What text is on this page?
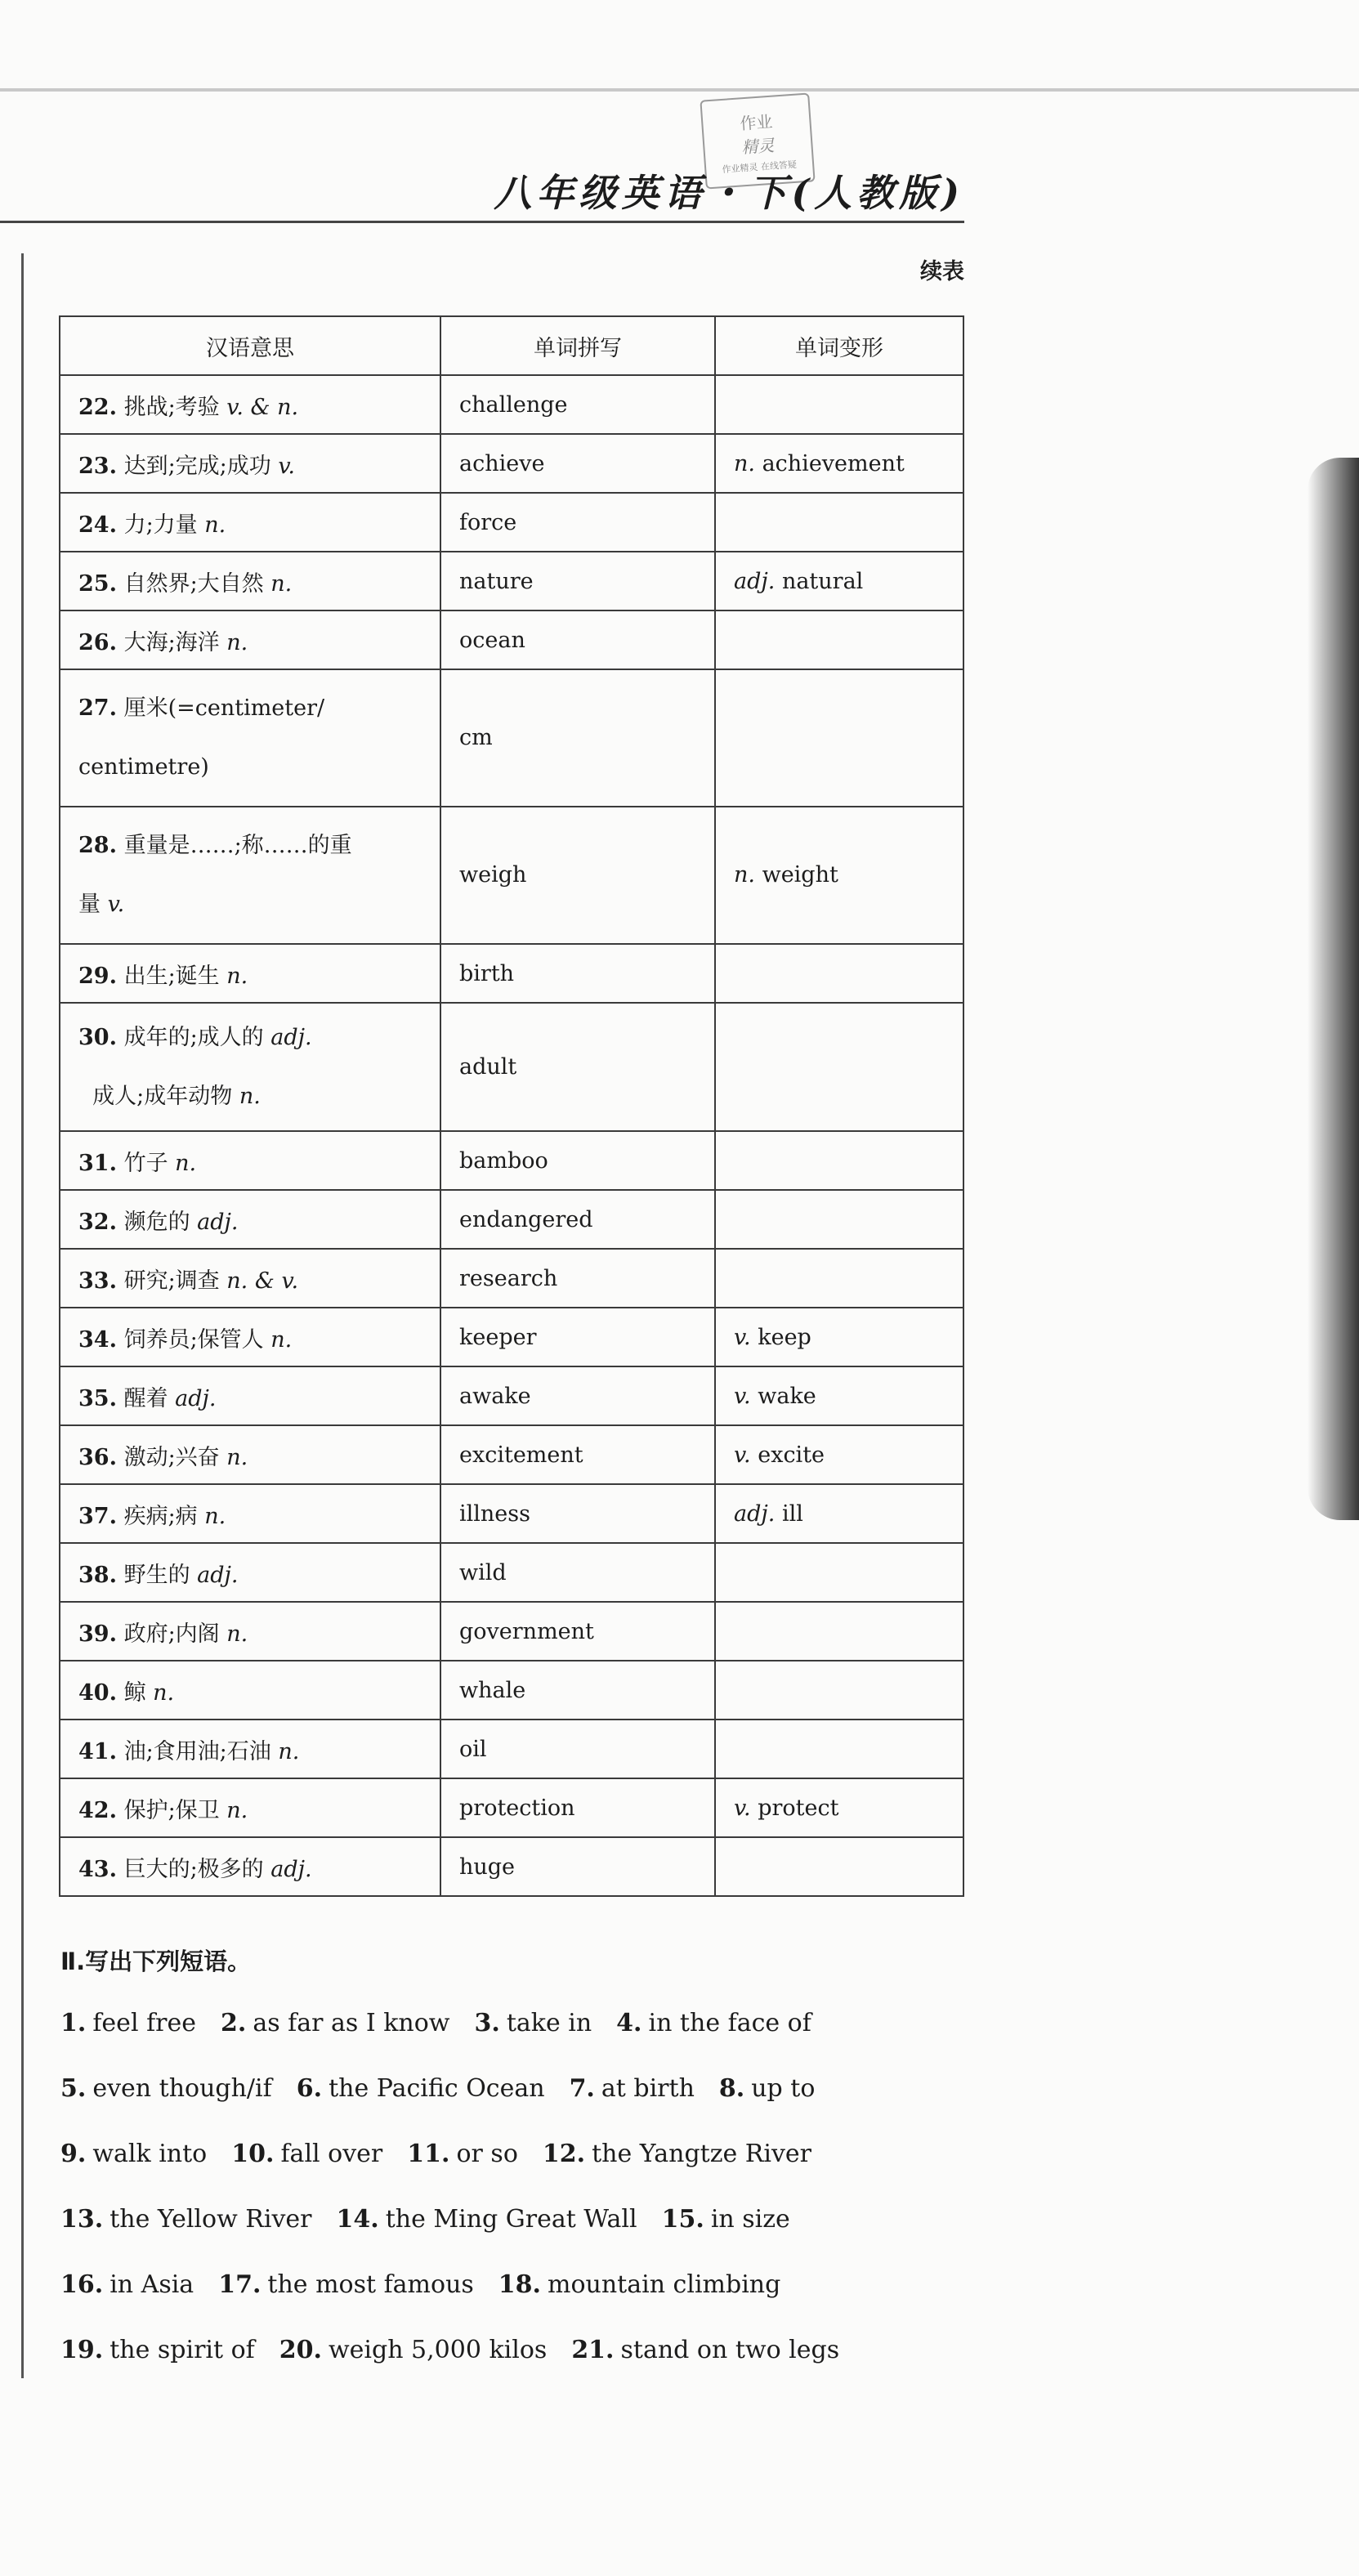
作业
精灵
作业精灵 在线答疑
八年级英语・下(人教版)
续表
汉语意思	单词拼写	单词变形
22. 挑战;考验 v. & n.	challenge	
23. 达到;完成;成功 v.	achieve	n. achievement
24. 力;力量 n.	force	
25. 自然界;大自然 n.	nature	adj. natural
26. 大海;海洋 n.	ocean	
27. 厘米(=centimeter/
centimetre)	cm	
28. 重量是……;称……的重
量 v.	weigh	n. weight
29. 出生;诞生 n.	birth	
30. 成年的;成人的 adj.
成人;成年动物 n.	adult	
31. 竹子 n.	bamboo	
32. 濒危的 adj.	endangered	
33. 研究;调查 n. & v.	research	
34. 饲养员;保管人 n.	keeper	v. keep
35. 醒着 adj.	awake	v. wake
36. 激动;兴奋 n.	excitement	v. excite
37. 疾病;病 n.	illness	adj. ill
38. 野生的 adj.	wild	
39. 政府;内阁 n.	government	
40. 鲸 n.	whale	
41. 油;食用油;石油 n.	oil	
42. 保护;保卫 n.	protection	v. protect
43. 巨大的;极多的 adj.	huge	
Ⅱ.写出下列短语。
1. feel free 2. as far as I know 3. take in 4. in the face of
5. even though/if 6. the Pacific Ocean 7. at birth 8. up to
9. walk into 10. fall over 11. or so 12. the Yangtze River
13. the Yellow River 14. the Ming Great Wall 15. in size
16. in Asia 17. the most famous 18. mountain climbing
19. the spirit of 20. weigh 5,000 kilos 21. stand on two legs
